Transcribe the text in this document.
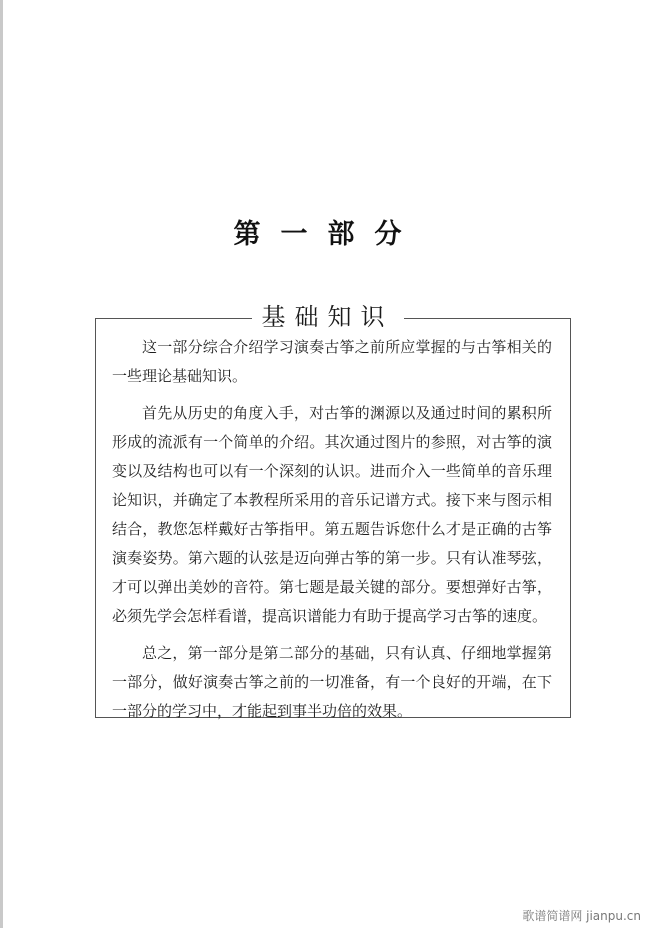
第一部分
基础知识

这一部分综合介绍学习演奏古筝之前所应掌握的与古筝相关的一些理论基础知识。

首先从历史的角度入手，对古筝的渊源以及通过时间的累积所形成的流派有一个简单的介绍。其次通过图片的参照，对古筝的演变以及结构也可以有一个深刻的认识。进而介入一些简单的音乐理论知识，并确定了本教程所采用的音乐记谱方式。接下来与图示相结合，教您怎样戴好古筝指甲。第五题告诉您什么才是正确的古筝演奏姿势。第六题的认弦是迈向弹古筝的第一步。只有认准琴弦，才可以弹出美妙的音符。第七题是最关键的部分。要想弹好古筝，必须先学会怎样看谱，提高识谱能力有助于提高学习古筝的速度。

总之，第一部分是第二部分的基础，只有认真、仔细地掌握第一部分，做好演奏古筝之前的一切准备，有一个良好的开端，在下一部分的学习中，才能起到事半功倍的效果。

歌谱简谱网 jianpu.cn
